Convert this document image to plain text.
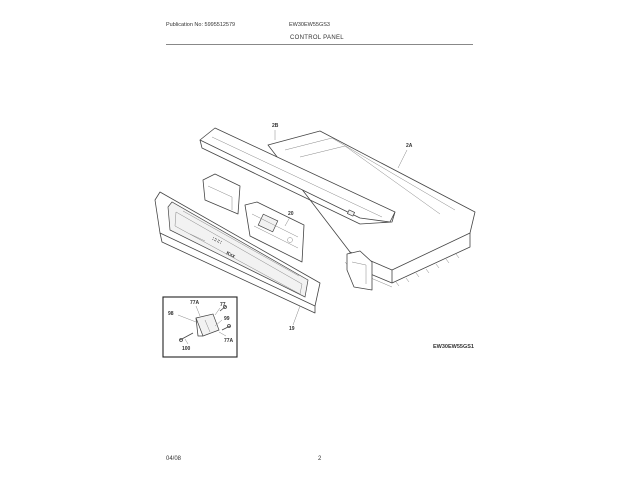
Publication No: 5995512579	EW30EW55GS3
CONTROL PANEL
∷∷∷
Kxx
2B
2A
20
19
77A	77
98
99
77A
100	EW30EW55GS1
04/08	2
